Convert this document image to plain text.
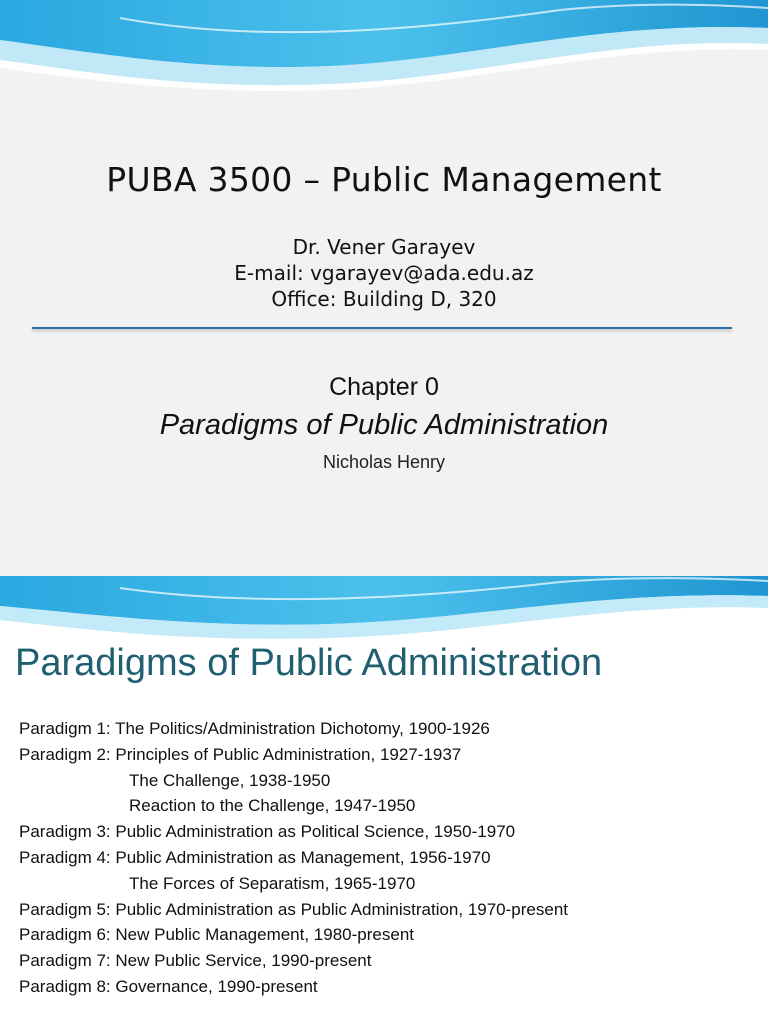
PUBA 3500 – Public Management
Dr. Vener Garayev
E-mail: vgarayev@ada.edu.az
Office: Building D, 320
Chapter 0
Paradigms of Public Administration
Nicholas Henry
Paradigms of Public Administration
Paradigm 1: The Politics/Administration Dichotomy, 1900-1926
Paradigm 2: Principles of Public Administration, 1927-1937
The Challenge, 1938-1950
Reaction to the Challenge, 1947-1950
Paradigm 3: Public Administration as Political Science, 1950-1970
Paradigm 4: Public Administration as Management, 1956-1970
The Forces of Separatism, 1965-1970
Paradigm 5: Public Administration as Public Administration, 1970-present
Paradigm 6: New Public Management, 1980-present
Paradigm 7: New Public Service, 1990-present
Paradigm 8: Governance, 1990-present
